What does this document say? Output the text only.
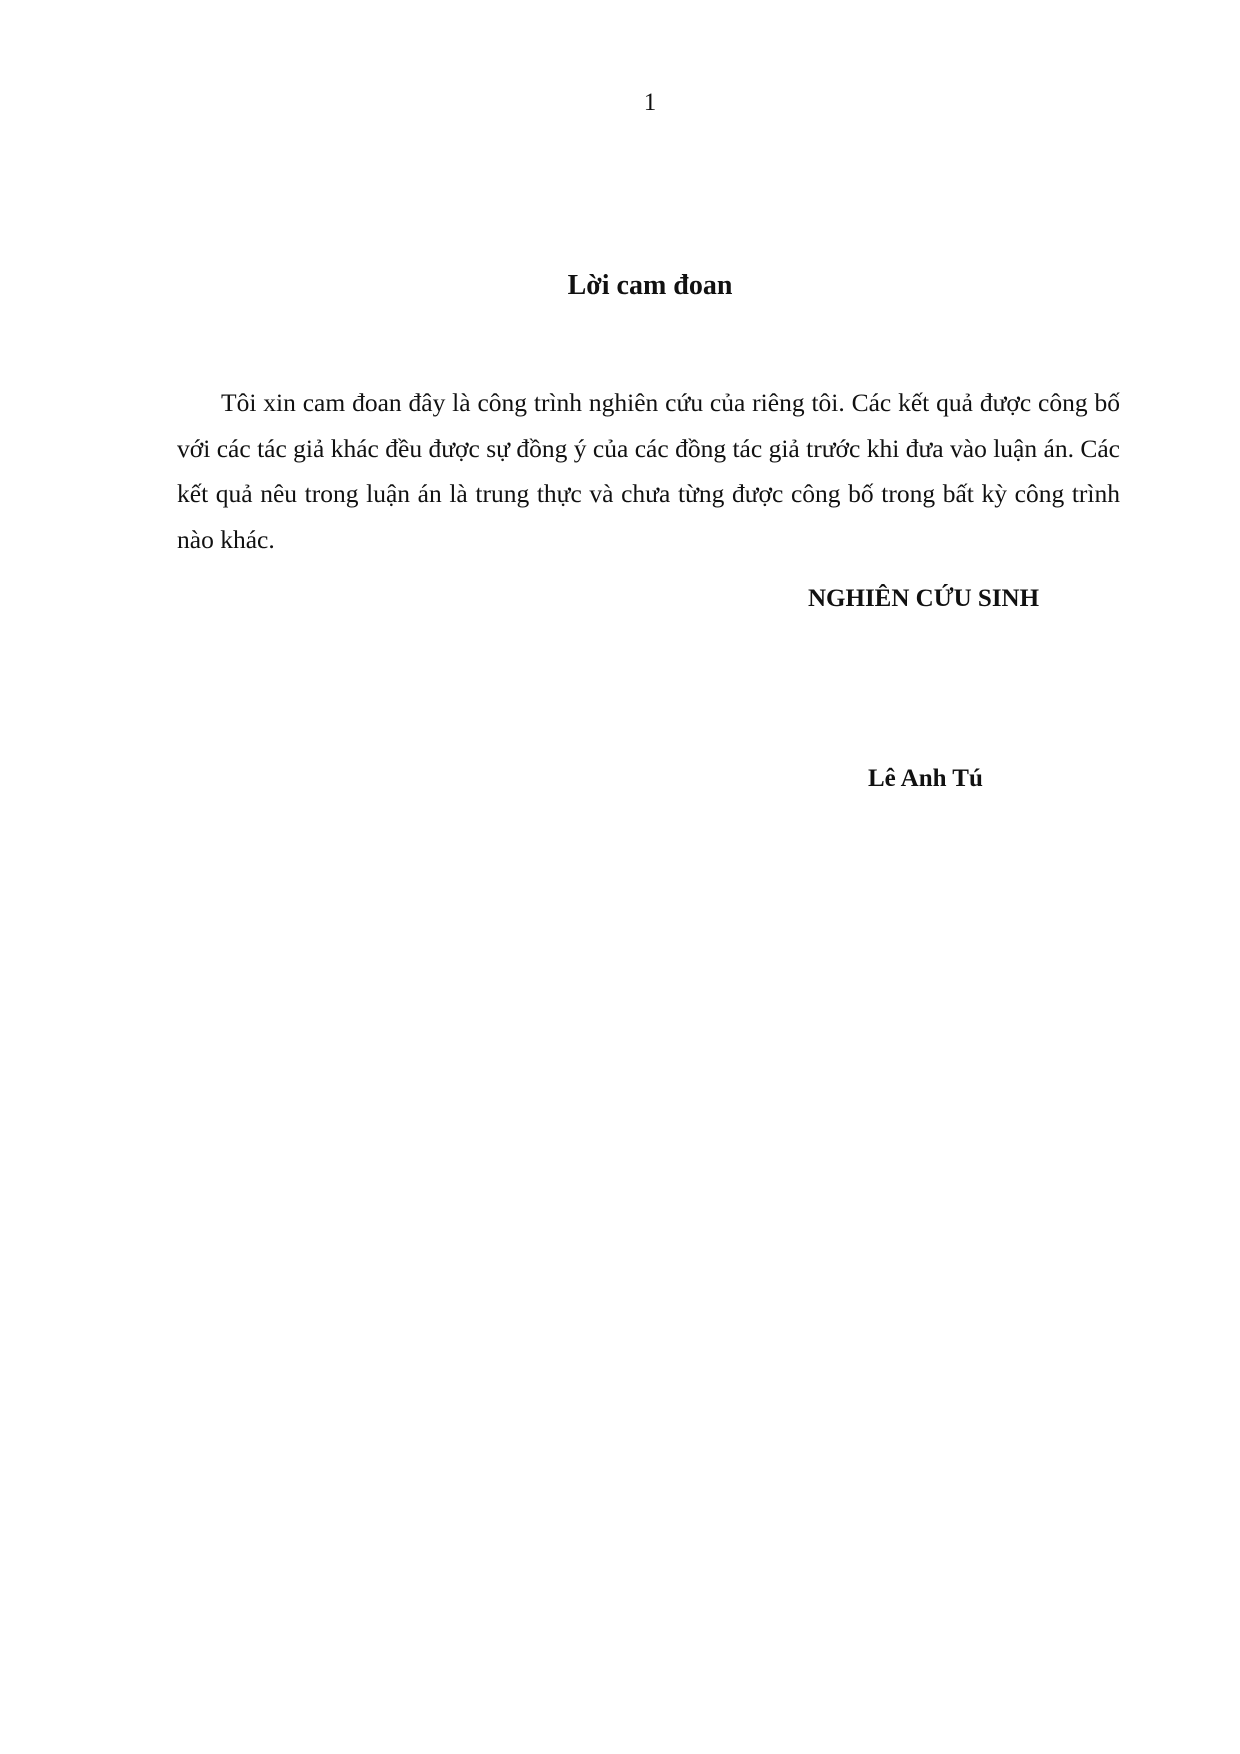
1
Lời cam đoan

Tôi xin cam đoan đây là công trình nghiên cứu của riêng tôi. Các kết quả được công bố với các tác giả khác đều được sự đồng ý của các đồng tác giả trước khi đưa vào luận án. Các kết quả nêu trong luận án là trung thực và chưa từng được công bố trong bất kỳ công trình nào khác.

NGHIÊN CỨU SINH
Lê Anh Tú
